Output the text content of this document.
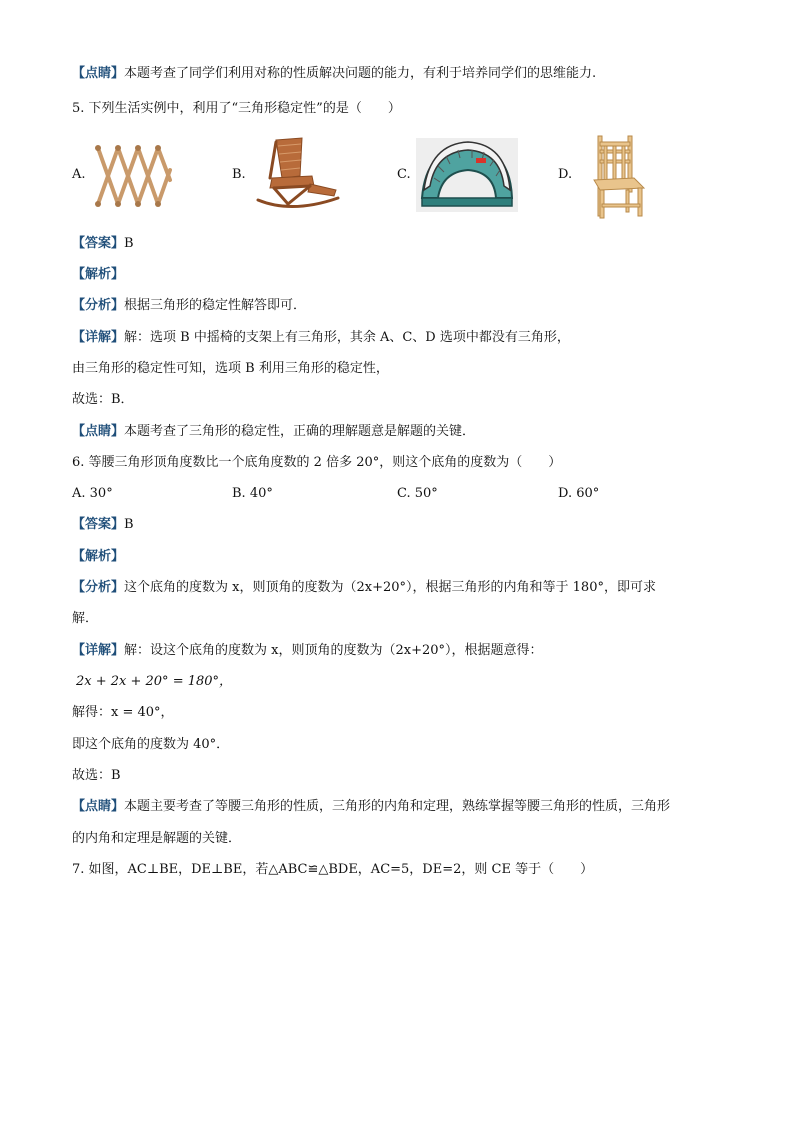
【点睛】本题考查了同学们利用对称的性质解决问题的能力，有利于培养同学们的思维能力.
5. 下列生活实例中，利用了“三角形稳定性”的是（　　）
A.	B.	C.	D.
【答案】B
【解析】
【分析】根据三角形的稳定性解答即可．
【详解】解：选项 B 中摇椅的支架上有三角形，其余 A、C、D 选项中都没有三角形，
由三角形的稳定性可知，选项 B 利用三角形的稳定性，
故选：B．
【点睛】本题考查了三角形的稳定性，正确的理解题意是解题的关键．
6. 等腰三角形顶角度数比一个底角度数的 2 倍多 20°，则这个底角的度数为（　　）
A. 30°	B. 40°	C. 50°	D. 60°
【答案】B
【解析】
【分析】这个底角的度数为 x，则顶角的度数为（2x+20°），根据三角形的内角和等于 180°，即可求
解．
【详解】解：设这个底角的度数为 x，则顶角的度数为（2x+20°），根据题意得：
2x + 2x + 20° = 180°，
解得：x = 40°，
即这个底角的度数为 40°．
故选：B
【点睛】本题主要考查了等腰三角形的性质，三角形的内角和定理，熟练掌握等腰三角形的性质，三角形
的内角和定理是解题的关键．
7. 如图，AC⊥BE，DE⊥BE，若△ABC≌△BDE，AC=5，DE=2，则 CE 等于（　　）
